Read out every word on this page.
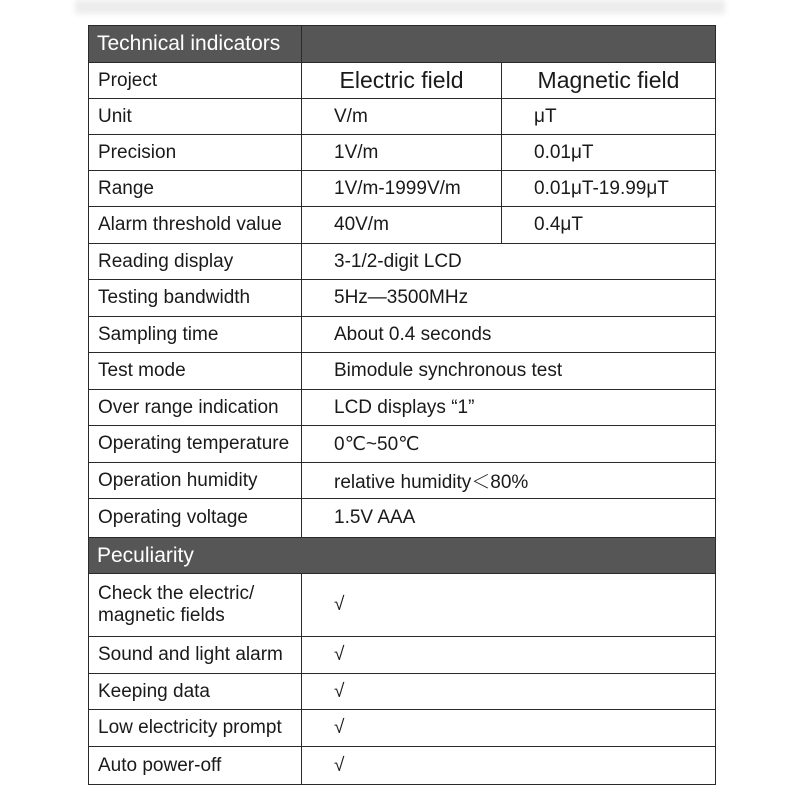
Technical indicators		
Project	Electric field	Magnetic field
Unit	V/m	μT
Precision	1V/m	0.01μT
Range	1V/m-1999V/m	0.01μT-19.99μT
Alarm threshold value	40V/m	0.4μT
Reading display	3-1/2-digit LCD	
Testing bandwidth	5Hz—3500MHz	
Sampling time	About 0.4 seconds	
Test mode	Bimodule synchronous test	
Over range indication	LCD displays “1”	
Operating temperature	0℃~50℃	
Operation humidity	relative humidity＜80%	
Operating voltage	1.5V AAA	
Peculiarity		
Check the electric/ magnetic fields	√	
Sound and light alarm	√	
Keeping data	√	
Low electricity prompt	√	
Auto power-off	√	
